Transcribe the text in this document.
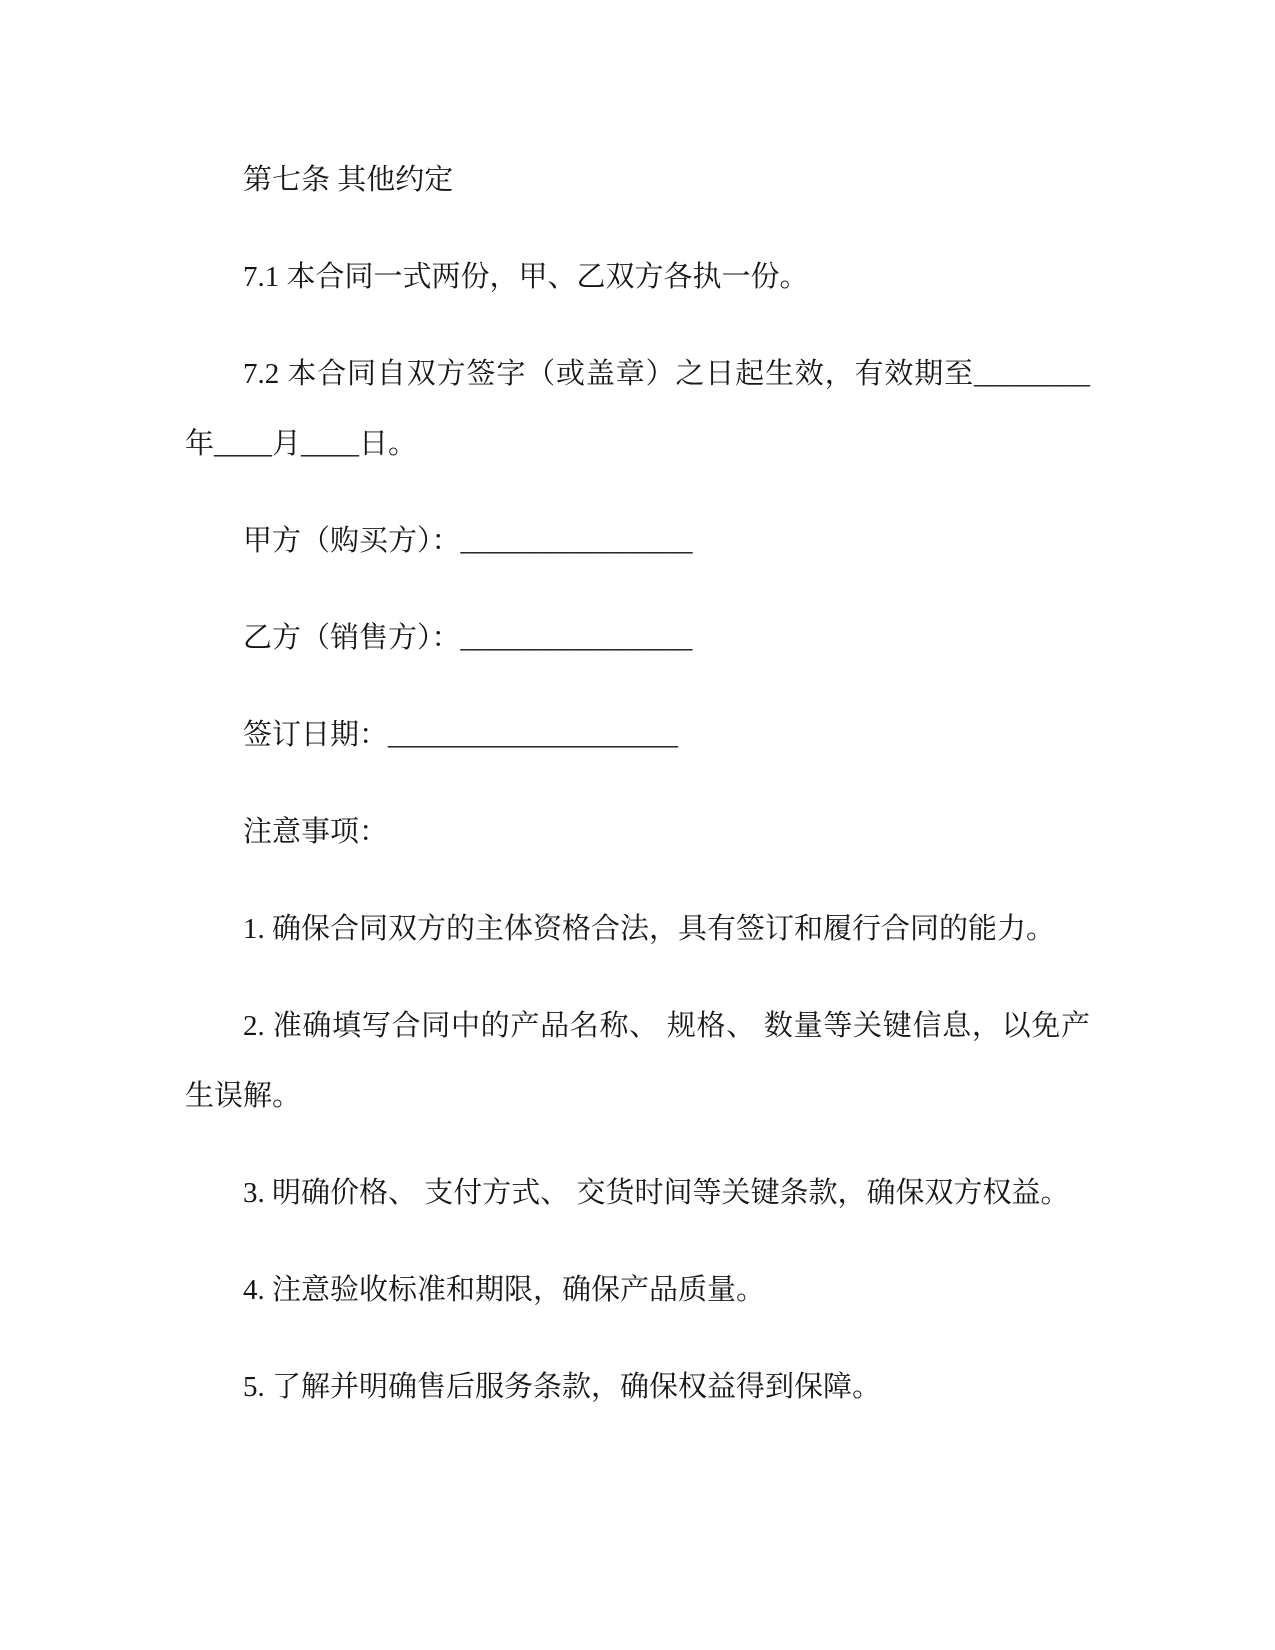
第七条 其他约定

7.1 本合同一式两份，甲、乙双方各执一份。

7.2 本合同自双方签字（或盖章）之日起生效，有效期至________年____月____日。

甲方（购买方）：________________

乙方（销售方）：________________

签订日期：____________________

注意事项：

1. 确保合同双方的主体资格合法，具有签订和履行合同的能力。

2. 准确填写合同中的产品名称、 规格、 数量等关键信息，以免产生误解。

3. 明确价格、 支付方式、 交货时间等关键条款，确保双方权益。

4. 注意验收标准和期限，确保产品质量。

5. 了解并明确售后服务条款，确保权益得到保障。
